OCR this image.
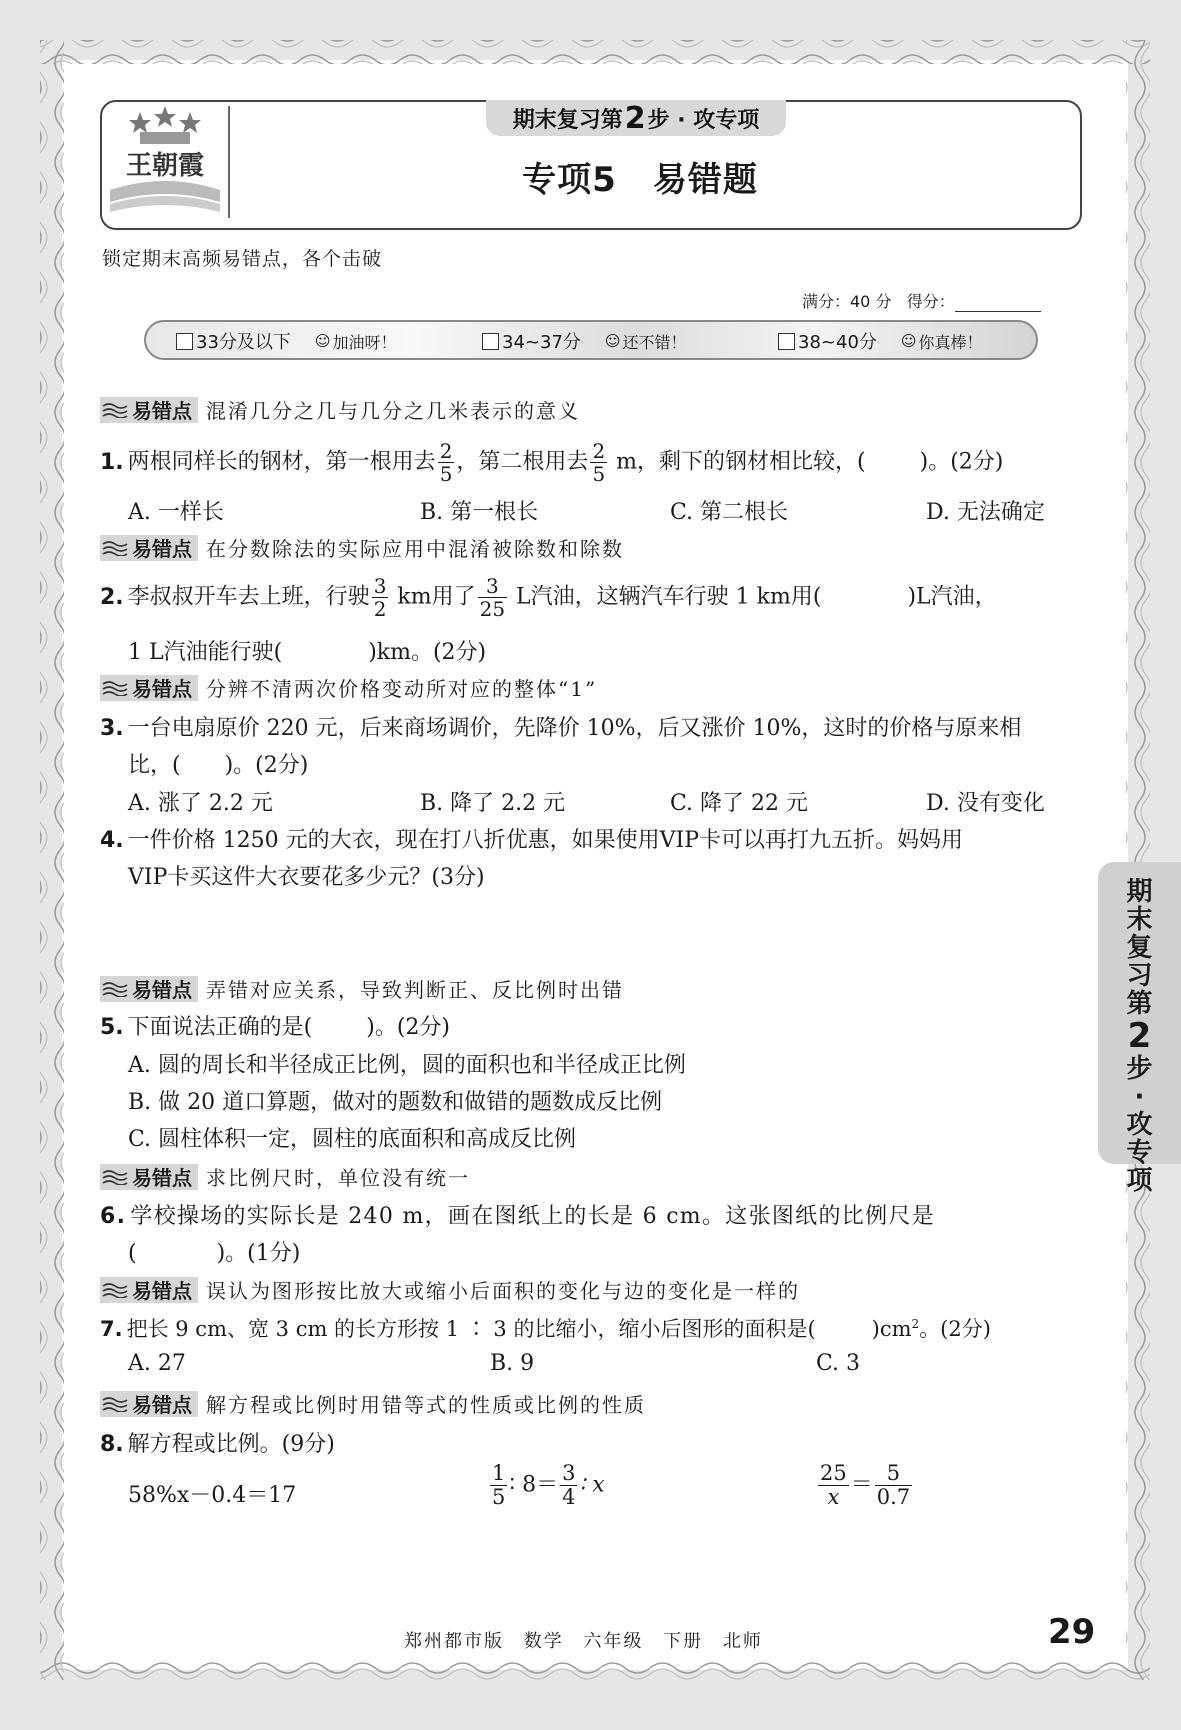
王朝霞
期末复习第 2 步 · 攻专项
专项5 易错题
锁定期末高频易错点，各个击破
满分：40 分 得分：
33分及以下 ☺ 加油呀！	34~37分 ☺ 还不错！	38~40分 ☺ 你真棒！
易错点 混淆几分之几与几分之几米表示的意义
1. 两根同样长的钢材，第一根用去 $\frac{2}{5}$ ，第二根用去 $\frac{2}{5}$ m，剩下的钢材相比较，( )。(2分)
A. 一样长	B. 第一根长	C. 第二根长	D. 无法确定
易错点 在分数除法的实际应用中混淆被除数和除数
2. 李叔叔开车去上班，行驶 $\frac{3}{2}$ km用了 $\frac{3}{25}$ L汽油，这辆汽车行驶 1 km用(	)L汽油，
1 L汽油能行驶(	)km。(2分)
易错点 分辨不清两次价格变动所对应的整体“1”
3. 一台电扇原价 220 元，后来商场调价，先降价 10%，后又涨价 10%，这时的价格与原来相
比，( )。(2分)
A. 涨了 2.2 元	B. 降了 2.2 元	C. 降了 22 元	D. 没有变化
4. 一件价格 1250 元的大衣，现在打八折优惠，如果使用VIP卡可以再打九五折。妈妈用
VIP卡买这件大衣要花多少元？(3分)
易错点 弄错对应关系，导致判断正、反比例时出错
5. 下面说法正确的是( )。(2分)
A. 圆的周长和半径成正比例，圆的面积也和半径成正比例
B. 做 20 道口算题，做对的题数和做错的题数成反比例
C. 圆柱体积一定，圆柱的底面积和高成反比例
易错点 求比例尺时，单位没有统一
6. 学校操场的实际长是 240 m，画在图纸上的长是 6 cm。这张图纸的比例尺是
(	)。(1分)
易错点 误认为图形按比放大或缩小后面积的变化与边的变化是一样的
7. 把长 9 cm、宽 3 cm 的长方形按 1 ∶ 3 的比缩小，缩小后图形的面积是(	)$cm^2$。(2分)
A. 27	B. 9	C. 3
易错点 解方程或比例时用错等式的性质或比例的性质
8. 解方程或比例。(9分)
58%x－0.4＝17	$\frac{1}{5}$ ∶ $8= \frac{3}{4}$ ∶ x	$\frac{25}{x} = \frac{5}{0.7}$
期
末
复
习
第
2
步
·
攻
专
项
郑州都市版 数学 六年级 下册 北师	29
